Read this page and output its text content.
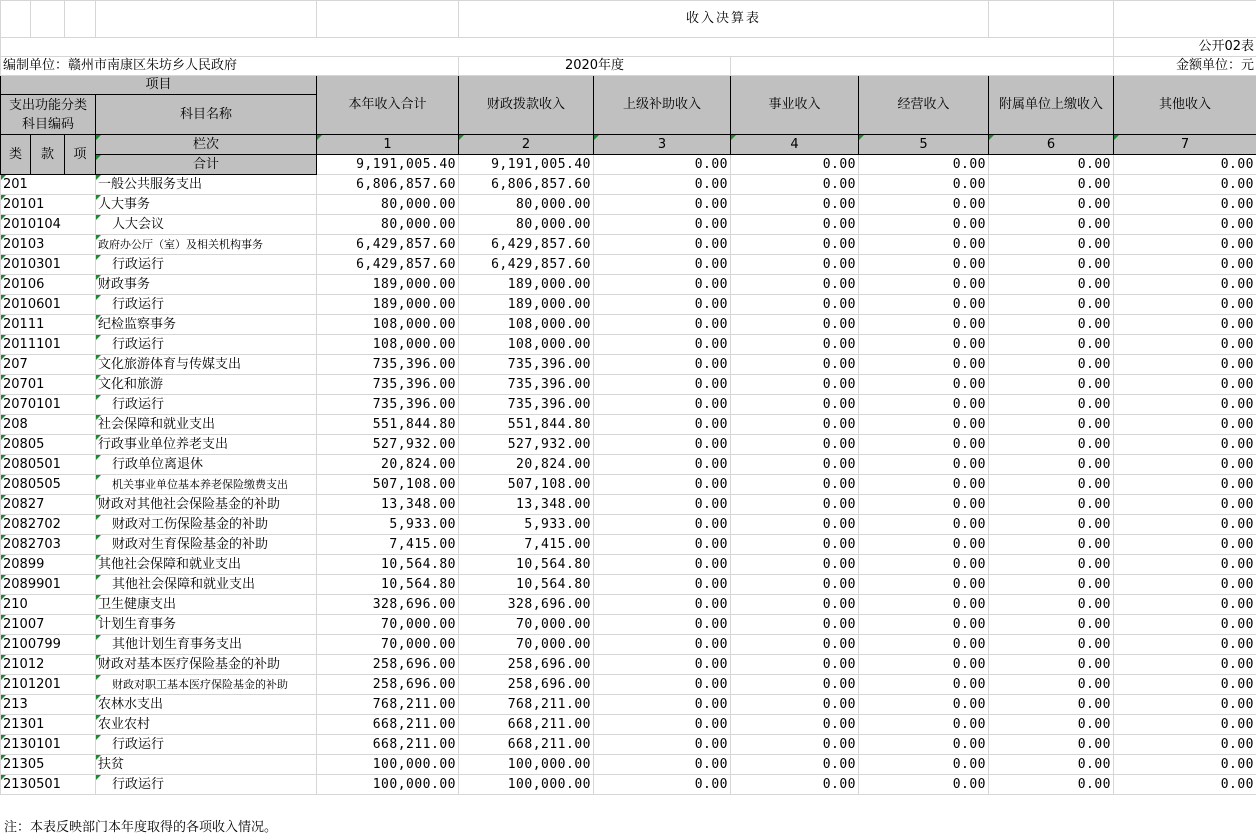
					收入决算表					
										公开02表
编制单位：赣州市南康区朱坊乡人民政府					2020年度					金额单位：元
项目				本年收入合计	财政拨款收入	上级补助收入	事业收入	经营收入	附属单位上缴收入	其他收入
支出功能分类科目编码			科目名称							

类	款	项	栏次	1	2	3	4	5	6	7
			合计	9,191,005.40	9,191,005.40	0.00	0.00	0.00	0.00	0.00
201			一般公共服务支出	6,806,857.60	6,806,857.60	0.00	0.00	0.00	0.00	0.00
20101			人大事务	80,000.00	80,000.00	0.00	0.00	0.00	0.00	0.00
2010104			人大会议	80,000.00	80,000.00	0.00	0.00	0.00	0.00	0.00
20103			政府办公厅（室）及相关机构事务	6,429,857.60	6,429,857.60	0.00	0.00	0.00	0.00	0.00
2010301			行政运行	6,429,857.60	6,429,857.60	0.00	0.00	0.00	0.00	0.00
20106			财政事务	189,000.00	189,000.00	0.00	0.00	0.00	0.00	0.00
2010601			行政运行	189,000.00	189,000.00	0.00	0.00	0.00	0.00	0.00
20111			纪检监察事务	108,000.00	108,000.00	0.00	0.00	0.00	0.00	0.00
2011101			行政运行	108,000.00	108,000.00	0.00	0.00	0.00	0.00	0.00
207			文化旅游体育与传媒支出	735,396.00	735,396.00	0.00	0.00	0.00	0.00	0.00
20701			文化和旅游	735,396.00	735,396.00	0.00	0.00	0.00	0.00	0.00
2070101			行政运行	735,396.00	735,396.00	0.00	0.00	0.00	0.00	0.00
208			社会保障和就业支出	551,844.80	551,844.80	0.00	0.00	0.00	0.00	0.00
20805			行政事业单位养老支出	527,932.00	527,932.00	0.00	0.00	0.00	0.00	0.00
2080501			行政单位离退休	20,824.00	20,824.00	0.00	0.00	0.00	0.00	0.00
2080505			机关事业单位基本养老保险缴费支出	507,108.00	507,108.00	0.00	0.00	0.00	0.00	0.00
20827			财政对其他社会保险基金的补助	13,348.00	13,348.00	0.00	0.00	0.00	0.00	0.00
2082702			财政对工伤保险基金的补助	5,933.00	5,933.00	0.00	0.00	0.00	0.00	0.00
2082703			财政对生育保险基金的补助	7,415.00	7,415.00	0.00	0.00	0.00	0.00	0.00
20899			其他社会保障和就业支出	10,564.80	10,564.80	0.00	0.00	0.00	0.00	0.00
2089901			其他社会保障和就业支出	10,564.80	10,564.80	0.00	0.00	0.00	0.00	0.00
210			卫生健康支出	328,696.00	328,696.00	0.00	0.00	0.00	0.00	0.00
21007			计划生育事务	70,000.00	70,000.00	0.00	0.00	0.00	0.00	0.00
2100799			其他计划生育事务支出	70,000.00	70,000.00	0.00	0.00	0.00	0.00	0.00
21012			财政对基本医疗保险基金的补助	258,696.00	258,696.00	0.00	0.00	0.00	0.00	0.00
2101201			财政对职工基本医疗保险基金的补助	258,696.00	258,696.00	0.00	0.00	0.00	0.00	0.00
213			农林水支出	768,211.00	768,211.00	0.00	0.00	0.00	0.00	0.00
21301			农业农村	668,211.00	668,211.00	0.00	0.00	0.00	0.00	0.00
2130101			行政运行	668,211.00	668,211.00	0.00	0.00	0.00	0.00	0.00
21305			扶贫	100,000.00	100,000.00	0.00	0.00	0.00	0.00	0.00
2130501			行政运行	100,000.00	100,000.00	0.00	0.00	0.00	0.00	0.00
注：本表反映部门本年度取得的各项收入情况。
